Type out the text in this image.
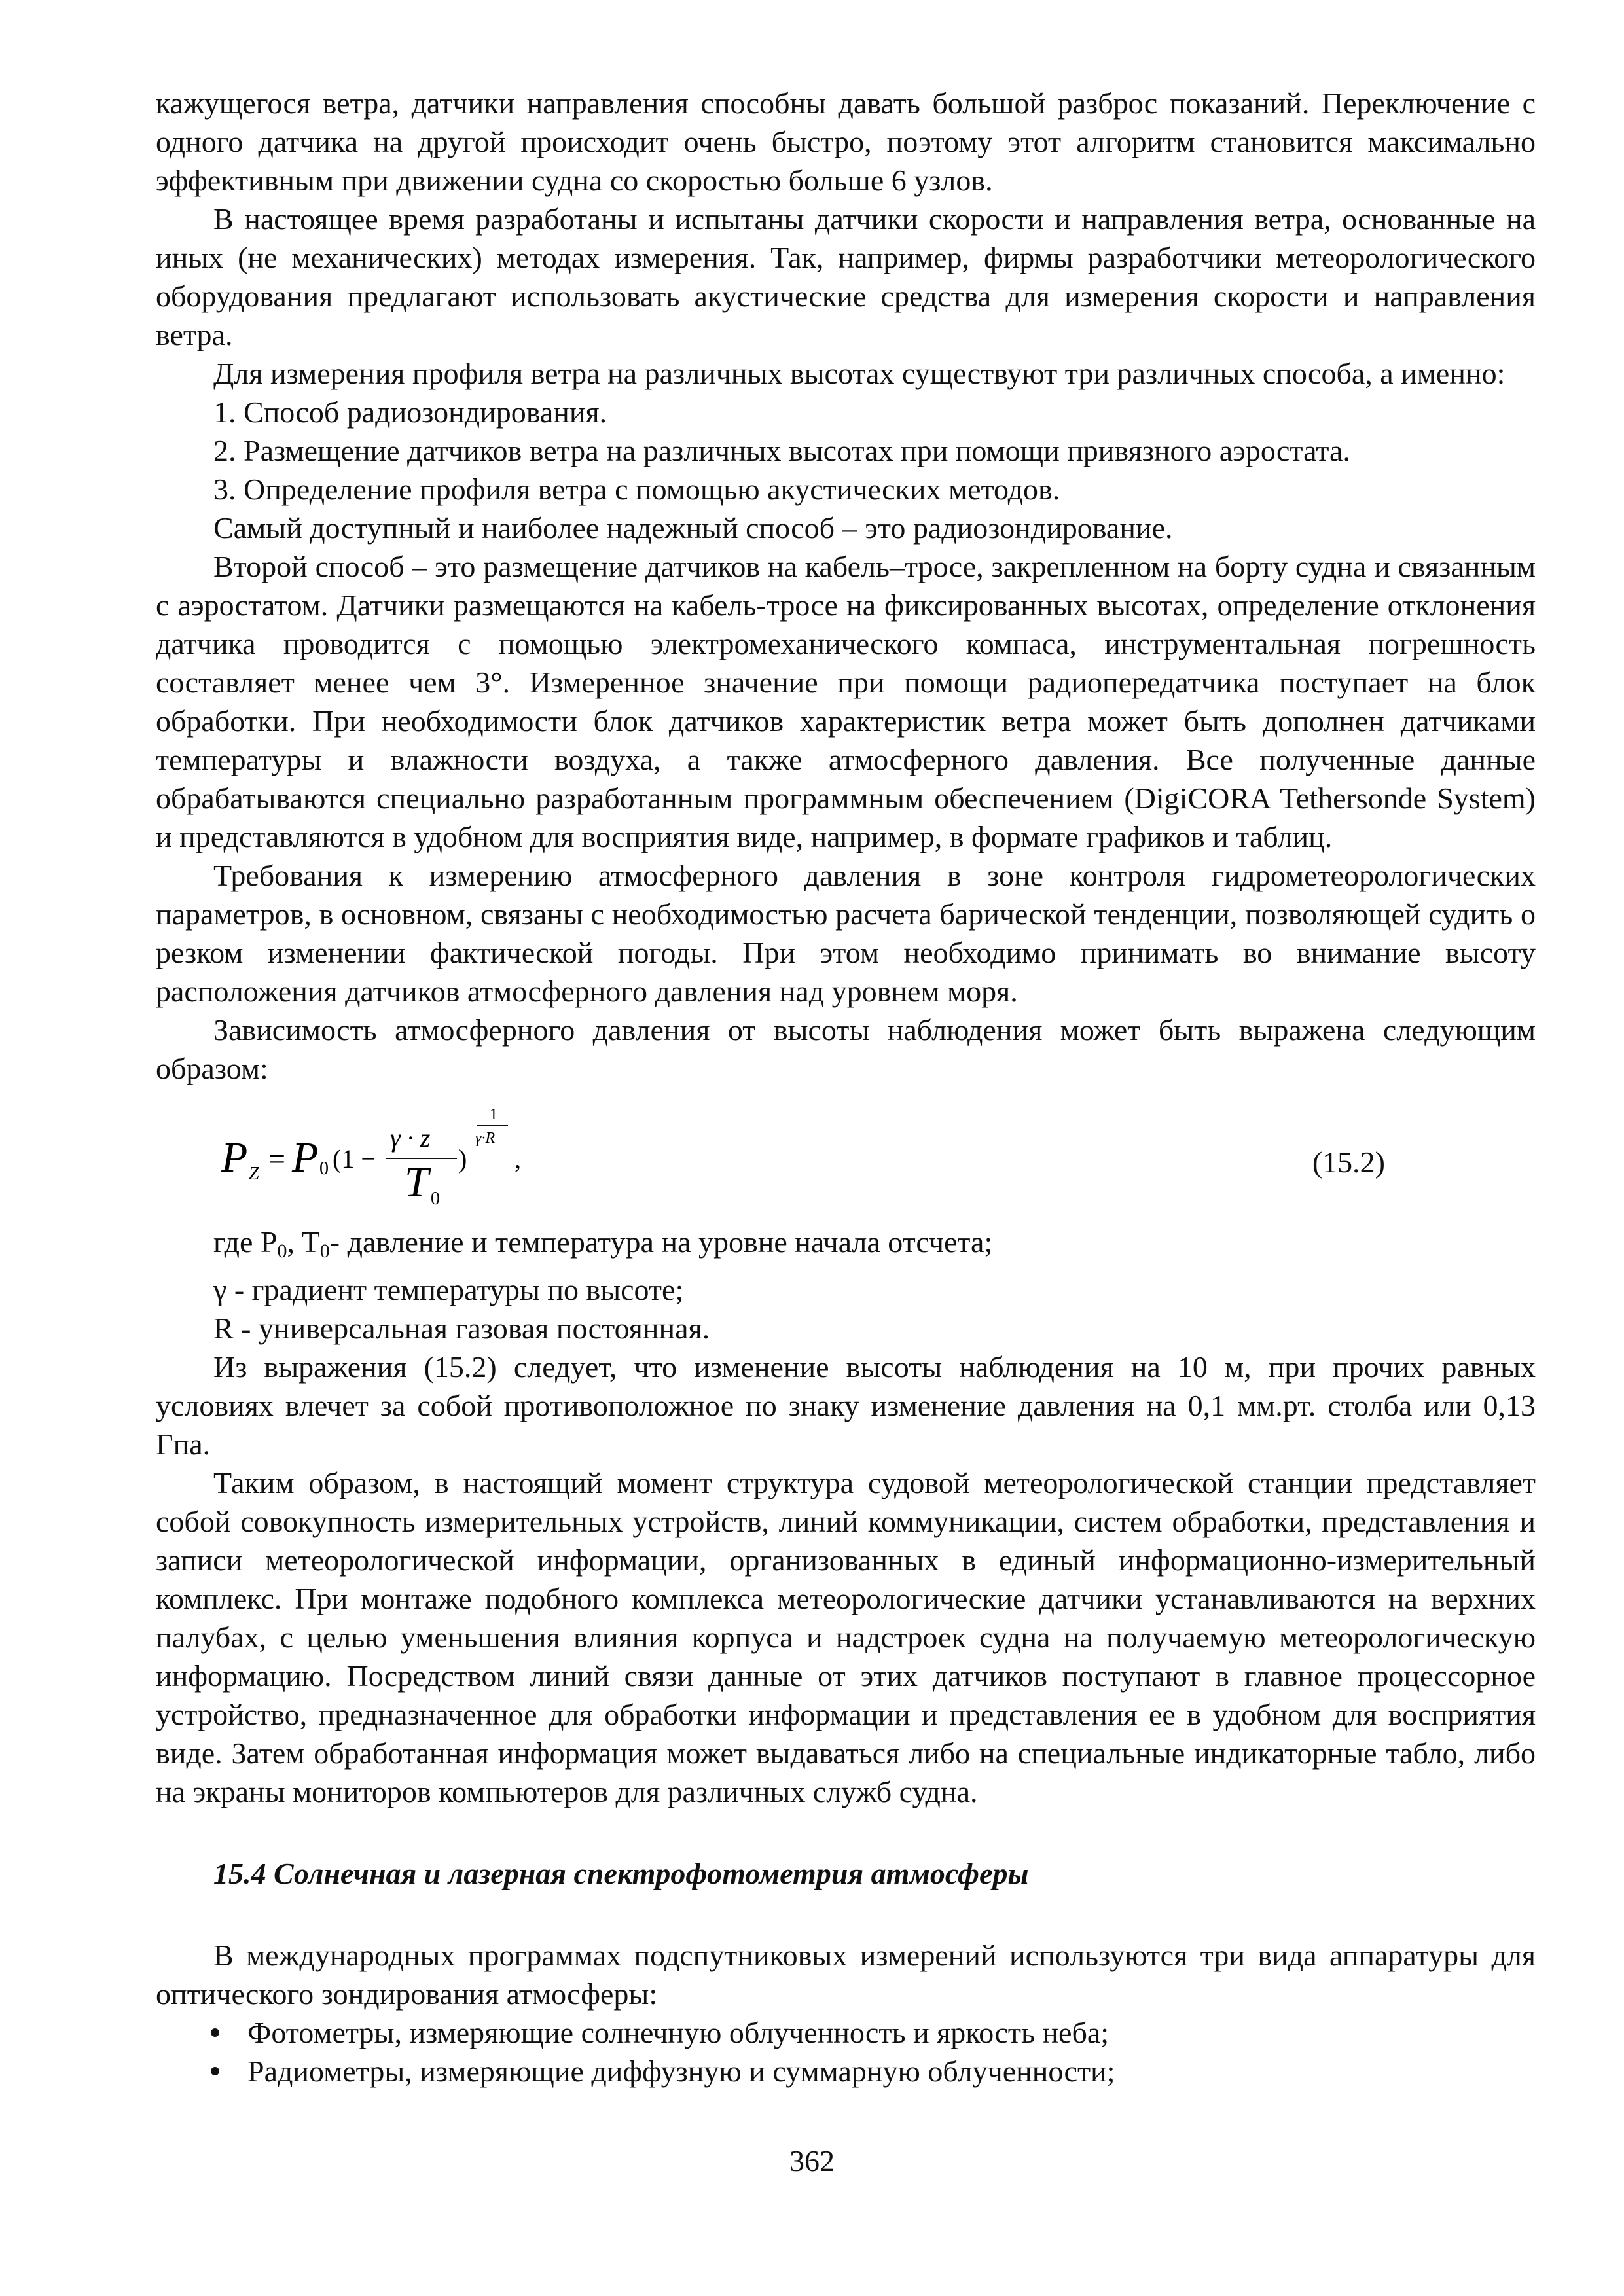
кажущегося ветра, датчики направления способны давать большой разброс показаний. Переключение с одного датчика на другой происходит очень быстро, поэтому этот алгоритм становится максимально эффективным при движении судна со скоростью больше 6 узлов.

В настоящее время разработаны и испытаны датчики скорости и направления ветра, основанные на иных (не механических) методах измерения. Так, например, фирмы разработчики метеорологического оборудования предлагают использовать акустические средства для измерения скорости и направления ветра.

Для измерения профиля ветра на различных высотах существуют три различных способа, а именно:

1. Способ радиозондирования.

2. Размещение датчиков ветра на различных высотах при помощи привязного аэростата.

3. Определение профиля ветра с помощью акустических методов.

Самый доступный и наиболее надежный способ – это радиозондирование.

Второй способ – это размещение датчиков на кабель–тросе, закрепленном на борту судна и связанным с аэростатом. Датчики размещаются на кабель-тросе на фиксированных высотах, определение отклонения датчика проводится с помощью электромеханического компаса, инструментальная погрешность составляет менее чем 3°. Измеренное значение при помощи радиопередатчика поступает на блок обработки. При необходимости блок датчиков характеристик ветра может быть дополнен датчиками температуры и влажности воздуха, а также атмосферного давления. Все полученные данные обрабатываются специально разработанным программным обеспечением (DigiCORA Tethersonde System) и представляются в удобном для восприятия виде, например, в формате графиков и таблиц.

Требования к измерению атмосферного давления в зоне контроля гидрометеорологических параметров, в основном, связаны с необходимостью расчета барической тенденции, позволяющей судить о резком изменении фактической погоды. При этом необходимо принимать во внимание высоту расположения датчиков атмосферного давления над уровнем моря.

Зависимость атмосферного давления от высоты наблюдения может быть выражена следующим образом:

P Z = P 0 (1 −
γ · z
T 0
)
1
γ·R
,	(15.2)

где $P_0$, $T_0-$ давление и температура на уровне начала отсчета;

γ - градиент температуры по высоте;

R - универсальная газовая постоянная.

Из выражения (15.2) следует, что изменение высоты наблюдения на 10 м, при прочих равных условиях влечет за собой противоположное по знаку изменение давления на 0,1 мм.рт. столба или 0,13 Гпа.

Таким образом, в настоящий момент структура судовой метеорологической станции представляет собой совокупность измерительных устройств, линий коммуникации, систем обработки, представления и записи метеорологической информации, организованных в единый информационно-измерительный комплекс. При монтаже подобного комплекса метеорологические датчики устанавливаются на верхних палубах, с целью уменьшения влияния корпуса и надстроек судна на получаемую метеорологическую информацию. Посредством линий связи данные от этих датчиков поступают в главное процессорное устройство, предназначенное для обработки информации и представления ее в удобном для восприятия виде. Затем обработанная информация может выдаваться либо на специальные индикаторные табло, либо на экраны мониторов компьютеров для различных служб судна.

15.4 Солнечная и лазерная спектрофотометрия атмосферы

В международных программах подспутниковых измерений используются три вида аппаратуры для оптического зондирования атмосферы:

Фотометры, измеряющие солнечную облученность и яркость неба;

Радиометры, измеряющие диффузную и суммарную облученности;

362
